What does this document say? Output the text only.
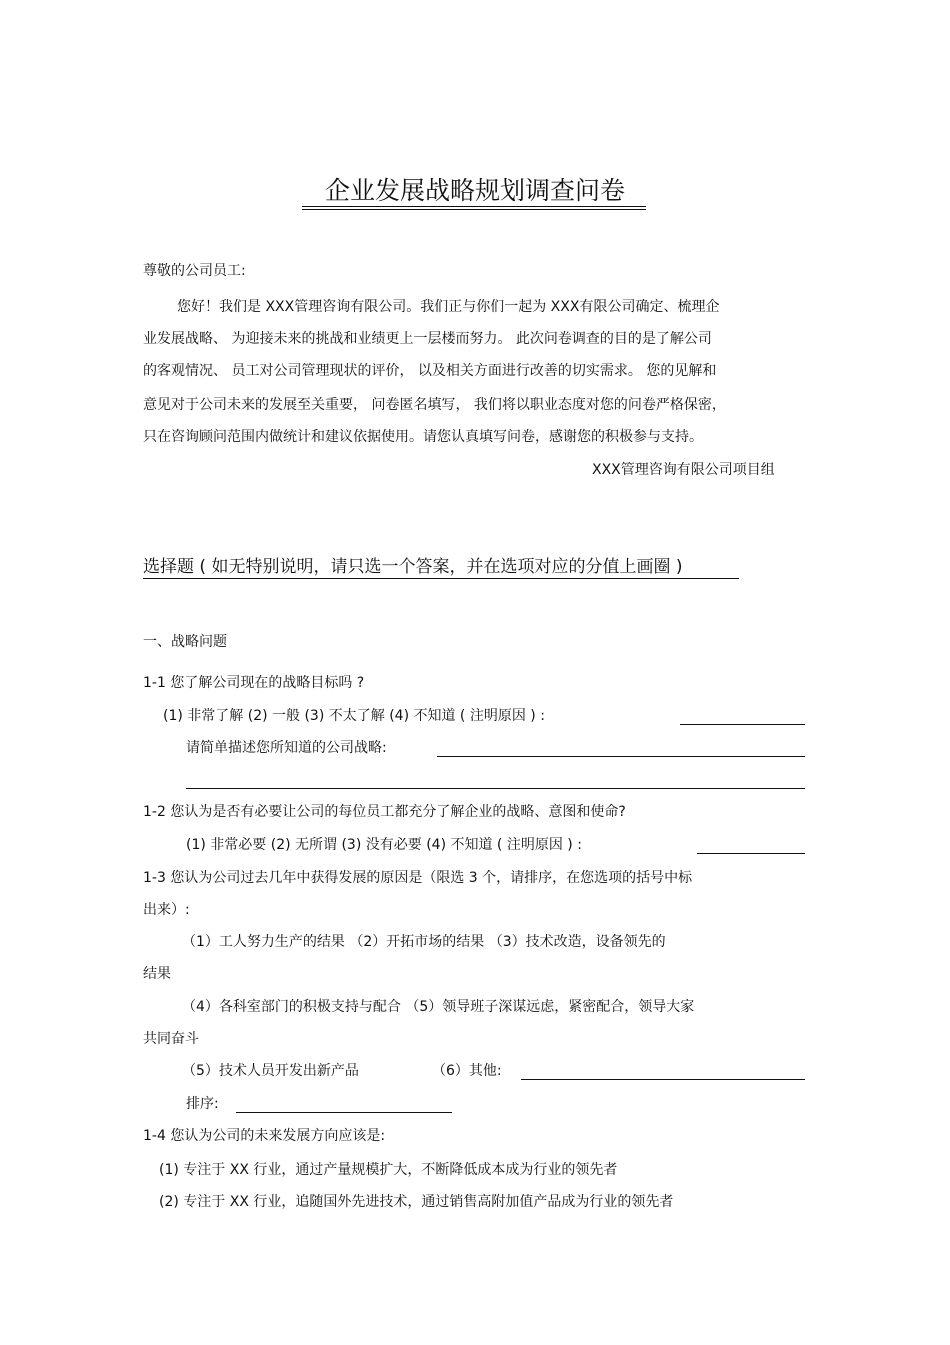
企业发展战略规划调查问卷
尊敬的公司员工:
您好！我们是 XXX管理咨询有限公司。我们正与你们一起为 XXX有限公司确定、梳理企
业发展战略、 为迎接未来的挑战和业绩更上一层楼而努力。 此次问卷调查的目的是了解公司
的客观情况、 员工对公司管理现状的评价， 以及相关方面进行改善的切实需求。 您的见解和
意见对于公司未来的发展至关重要， 问卷匿名填写， 我们将以职业态度对您的问卷严格保密，
只在咨询顾问范围内做统计和建议依据使用。请您认真填写问卷，感谢您的积极参与支持。
XXX管理咨询有限公司项目组
选择题 ( 如无特别说明，请只选一个答案，并在选项对应的分值上画圈 )
一、战略问题
1-1 您了解公司现在的战略目标吗 ?
(1) 非常了解 (2) 一般 (3) 不太了解 (4) 不知道 ( 注明原因 ) :
请简单描述您所知道的公司战略:
1-2 您认为是否有必要让公司的每位员工都充分了解企业的战略、意图和使命?
(1) 非常必要 (2) 无所谓 (3) 没有必要 (4) 不知道 ( 注明原因 ) :
1-3 您认为公司过去几年中获得发展的原因是（限选 3 个，请排序，在您选项的括号中标
出来）:
（1）工人努力生产的结果 （2）开拓市场的结果 （3）技术改造，设备领先的
结果
（4）各科室部门的积极支持与配合 （5）领导班子深谋远虑，紧密配合，领导大家
共同奋斗
（5）技术人员开发出新产品	（6）其他:
排序:
1-4 您认为公司的未来发展方向应该是:
(1) 专注于 XX 行业，通过产量规模扩大，不断降低成本成为行业的领先者
(2) 专注于 XX 行业，追随国外先进技术，通过销售高附加值产品成为行业的领先者
